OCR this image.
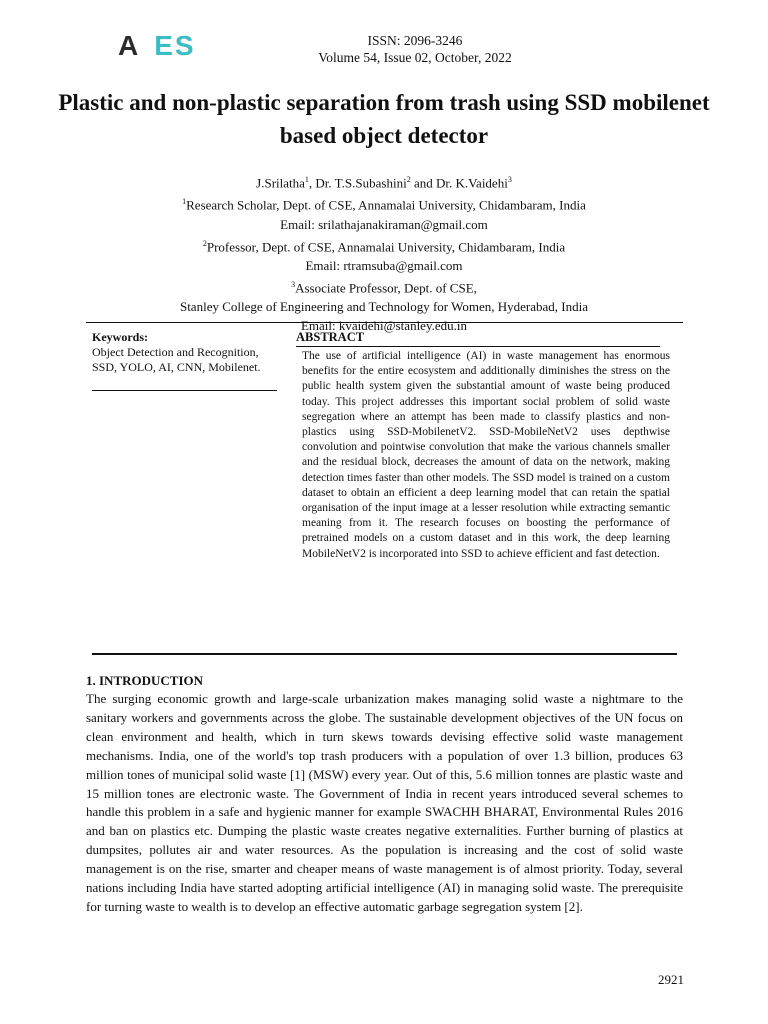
A ES	ISSN: 2096-3246
Volume 54, Issue 02, October, 2022
Plastic and non-plastic separation from trash using SSD mobilenet based object detector
J.Srilatha$^1$, Dr. T.S.Subashini$^2$ and Dr. K.Vaidehi$^3$
$^1$Research Scholar, Dept. of CSE, Annamalai University, Chidambaram, India
Email: srilathajanakiraman@gmail.com
$^2$Professor, Dept. of CSE, Annamalai University, Chidambaram, India
Email: rtramsuba@gmail.com
$^3$Associate Professor, Dept. of CSE,
Stanley College of Engineering and Technology for Women, Hyderabad, India
Email: kvaidehi@stanley.edu.in
Keywords:
Object Detection and Recognition, SSD, YOLO, AI, CNN, Mobilenet.
ABSTRACT
The use of artificial intelligence (AI) in waste management has enormous benefits for the entire ecosystem and additionally diminishes the stress on the public health system given the substantial amount of waste being produced today. This project addresses this important social problem of solid waste segregation where an attempt has been made to classify plastics and non-plastics using SSD-MobilenetV2. SSD-MobileNetV2 uses depthwise convolution and pointwise convolution that make the various channels smaller and the residual block, decreases the amount of data on the network, making detection times faster than other models. The SSD model is trained on a custom dataset to obtain an efficient a deep learning model that can retain the spatial organisation of the input image at a lesser resolution while extracting semantic meaning from it. The research focuses on boosting the performance of pretrained models on a custom dataset and in this work, the deep learning MobileNetV2 is incorporated into SSD to achieve efficient and fast detection.
1. INTRODUCTION
The surging economic growth and large-scale urbanization makes managing solid waste a nightmare to the sanitary workers and governments across the globe. The sustainable development objectives of the UN focus on clean environment and health, which in turn skews towards devising effective solid waste management mechanisms. India, one of the world's top trash producers with a population of over 1.3 billion, produces 63 million tones of municipal solid waste [1] (MSW) every year. Out of this, 5.6 million tonnes are plastic waste and 15 million tones are electronic waste. The Government of India in recent years introduced several schemes to handle this problem in a safe and hygienic manner for example SWACHH BHARAT, Environmental Rules 2016 and ban on plastics etc. Dumping the plastic waste creates negative externalities. Further burning of plastics at dumpsites, pollutes air and water resources. As the population is increasing and the cost of solid waste management is on the rise, smarter and cheaper means of waste management is of almost priority. Today, several nations including India have started adopting artificial intelligence (AI) in managing solid waste. The prerequisite for turning waste to wealth is to develop an effective automatic garbage segregation system [2].
2921
